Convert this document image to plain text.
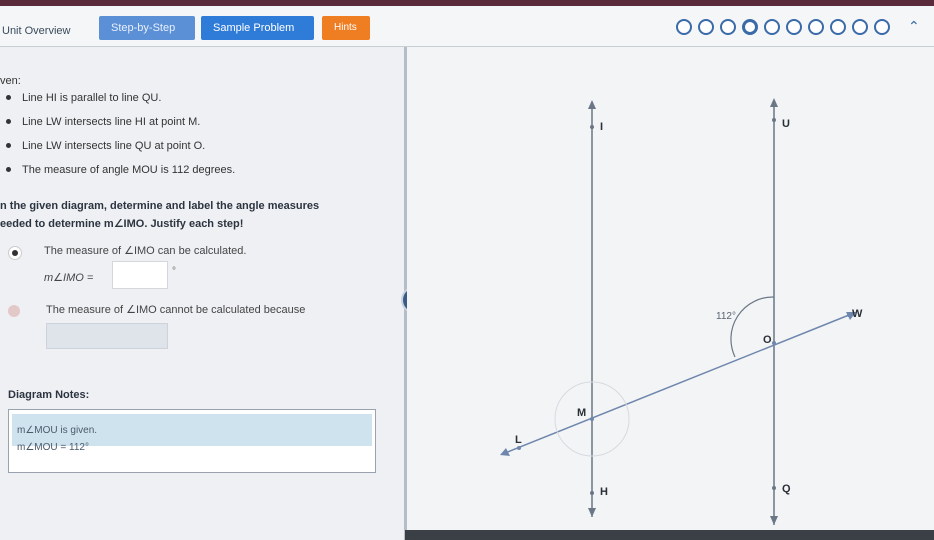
Unit Overview	Step-by-Step	Sample Problem	Hints	⌃
ven:
Line HI is parallel to line QU.
Line LW intersects line HI at point M.
Line LW intersects line QU at point O.
The measure of angle MOU is 112 degrees.
n the given diagram, determine and label the angle measures
eeded to determine m∠IMO. Justify each step!
The measure of ∠IMO can be calculated.
m∠IMO =
°
The measure of ∠IMO cannot be calculated because
Diagram Notes:
m∠MOU is given.
m∠MOU = 112°
I	U
M
O
L
W
H	Q
112°
